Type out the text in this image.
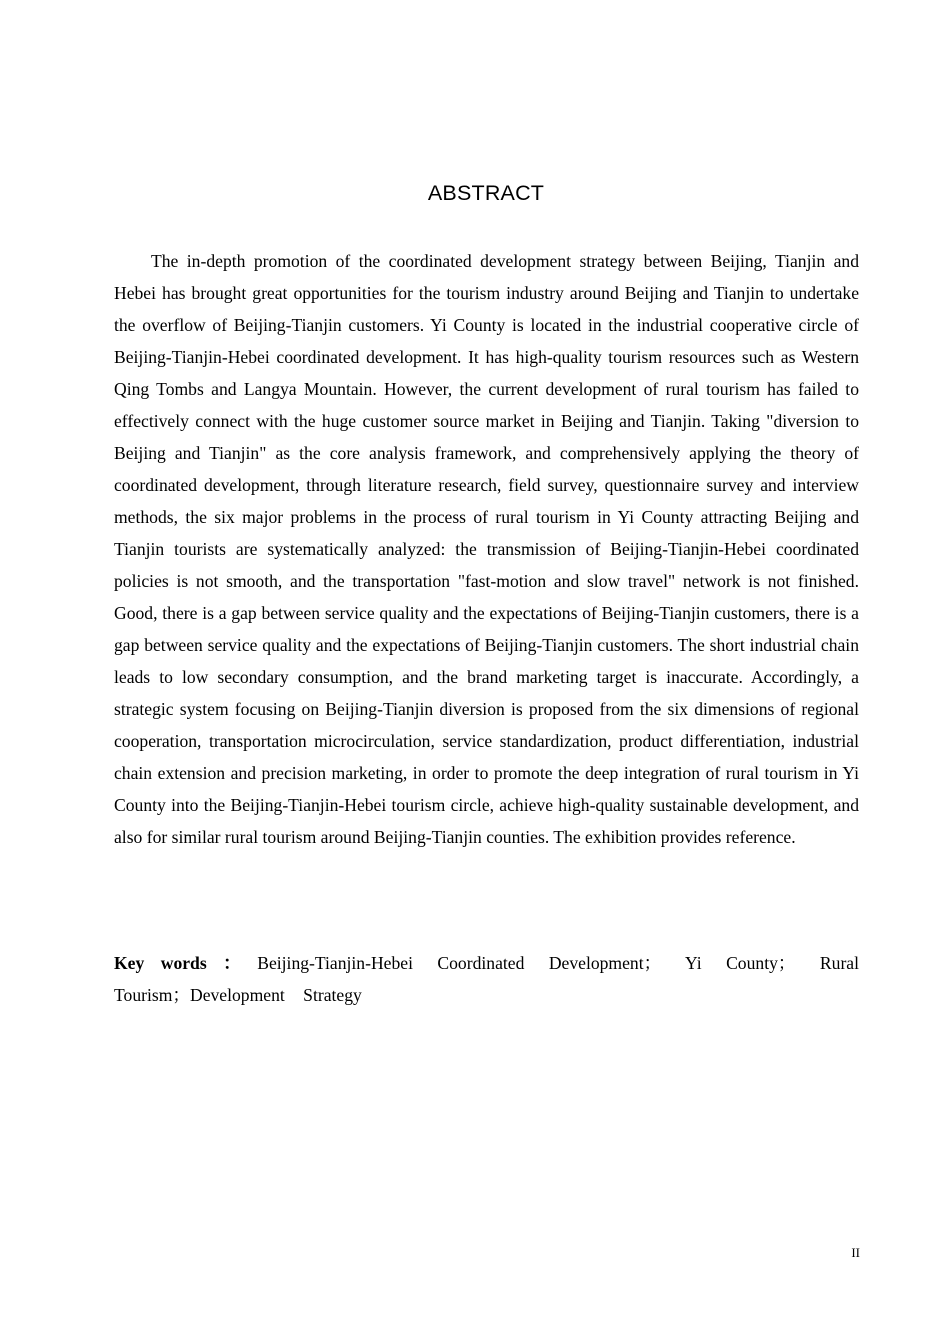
ABSTRACT

The in-depth promotion of the coordinated development strategy between Beijing, Tianjin and Hebei has brought great opportunities for the tourism industry around Beijing and Tianjin to undertake the overflow of Beijing-Tianjin customers. Yi County is located in the industrial cooperative circle of Beijing-Tianjin-Hebei coordinated development. It has high-quality tourism resources such as Western Qing Tombs and Langya Mountain. However, the current development of rural tourism has failed to effectively connect with the huge customer source market in Beijing and Tianjin. Taking "diversion to Beijing and Tianjin" as the core analysis framework, and comprehensively applying the theory of coordinated development, through literature research, field survey, questionnaire survey and interview methods, the six major problems in the process of rural tourism in Yi County attracting Beijing and Tianjin tourists are systematically analyzed: the transmission of Beijing-Tianjin-Hebei coordinated policies is not smooth, and the transportation "fast-motion and slow travel" network is not finished. Good, there is a gap between service quality and the expectations of Beijing-Tianjin customers, there is a gap between service quality and the expectations of Beijing-Tianjin customers. The short industrial chain leads to low secondary consumption, and the brand marketing target is inaccurate. Accordingly, a strategic system focusing on Beijing-Tianjin diversion is proposed from the six dimensions of regional cooperation, transportation microcirculation, service standardization, product differentiation, industrial chain extension and precision marketing, in order to promote the deep integration of rural tourism in Yi County into the Beijing-Tianjin-Hebei tourism circle, achieve high-quality sustainable development, and also for similar rural tourism around Beijing-Tianjin counties. The exhibition provides reference.

Key words ： Beijing-Tianjin-Hebei Coordinated Development； Yi County； Rural Tourism；Development Strategy

II
